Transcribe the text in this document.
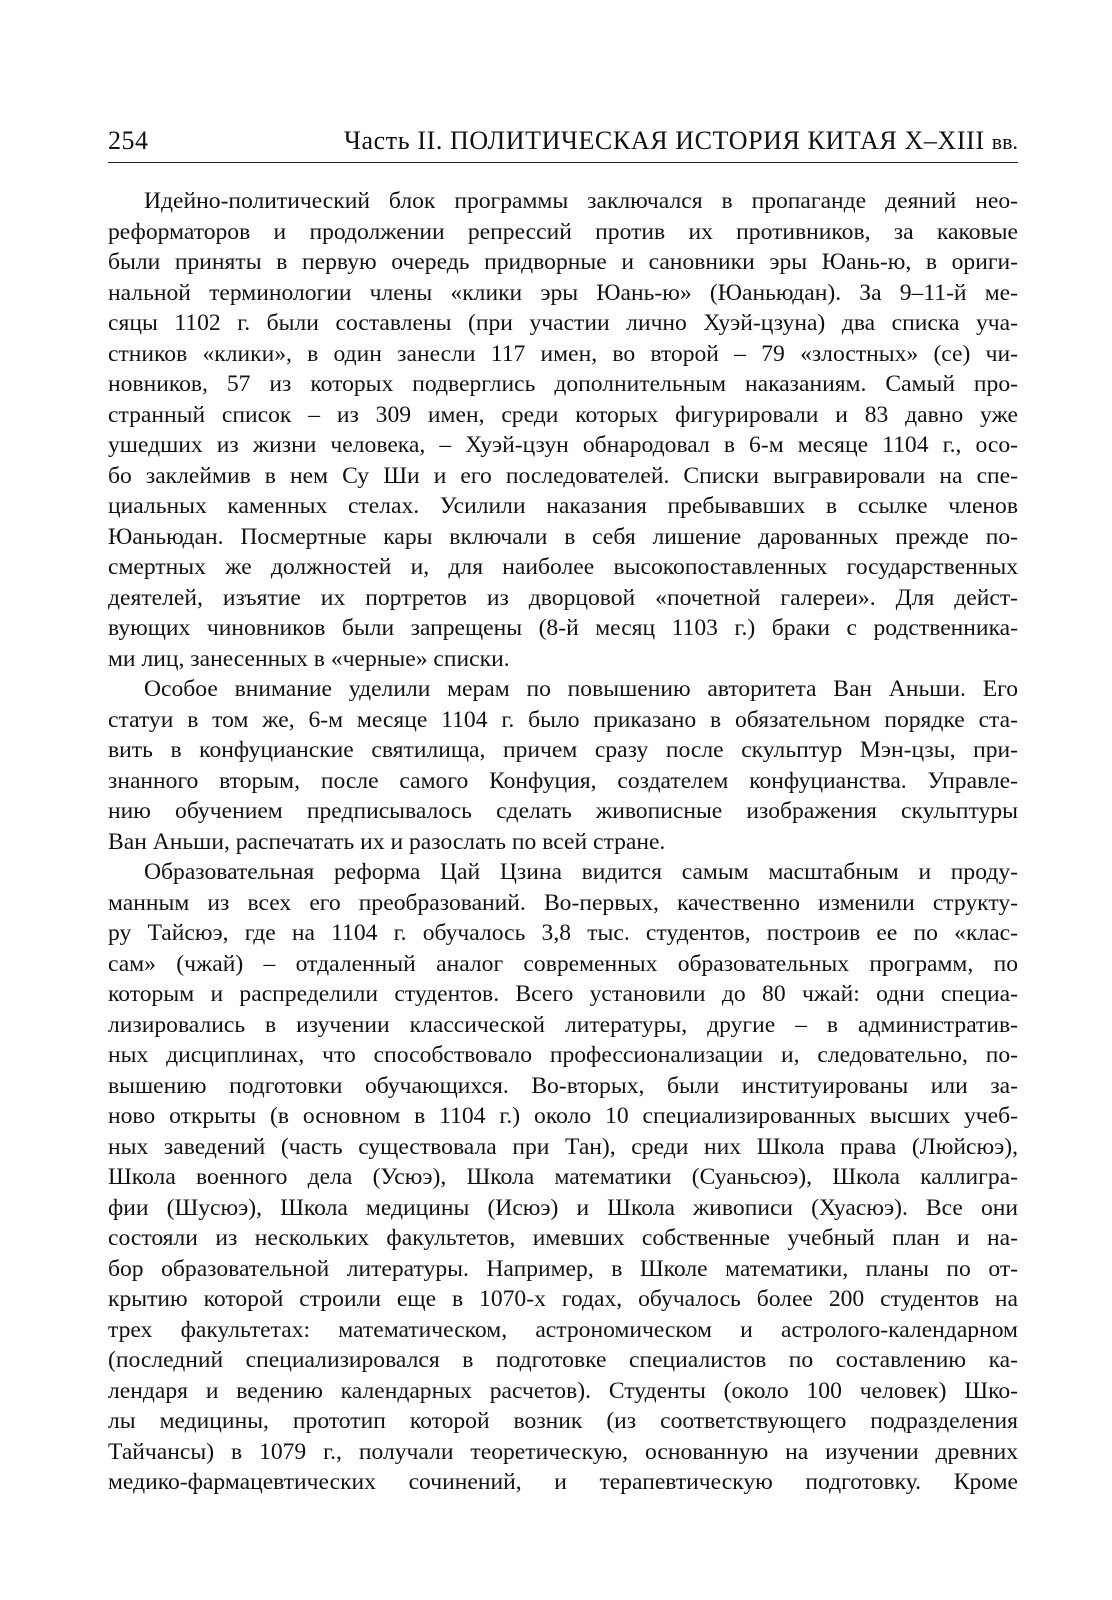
254	Часть II. ПОЛИТИЧЕСКАЯ ИСТОРИЯ КИТАЯ X–XIII вв.
Идейно-политический блок программы заключался в пропаганде деяний нео-
реформаторов и продолжении репрессий против их противников, за каковые
были приняты в первую очередь придворные и сановники эры Юань-ю, в ориги-
нальной терминологии члены «клики эры Юань-ю» (Юаньюдан). За 9–11-й ме-
сяцы 1102 г. были составлены (при участии лично Хуэй-цзуна) два списка уча-
стников «клики», в один занесли 117 имен, во второй – 79 «злостных» (се) чи-
новников, 57 из которых подверглись дополнительным наказаниям. Самый про-
странный список – из 309 имен, среди которых фигурировали и 83 давно уже
ушедших из жизни человека, – Хуэй-цзун обнародовал в 6-м месяце 1104 г., осо-
бо заклеймив в нем Су Ши и его последователей. Списки выгравировали на спе-
циальных каменных стелах. Усилили наказания пребывавших в ссылке членов
Юаньюдан. Посмертные кары включали в себя лишение дарованных прежде по-
смертных же должностей и, для наиболее высокопоставленных государственных
деятелей, изъятие их портретов из дворцовой «почетной галереи». Для дейст-
вующих чиновников были запрещены (8-й месяц 1103 г.) браки с родственника-
ми лиц, занесенных в «черные» списки.
Особое внимание уделили мерам по повышению авторитета Ван Аньши. Его
статуи в том же, 6-м месяце 1104 г. было приказано в обязательном порядке ста-
вить в конфуцианские святилища, причем сразу после скульптур Мэн-цзы, при-
знанного вторым, после самого Конфуция, создателем конфуцианства. Управле-
нию обучением предписывалось сделать живописные изображения скульптуры
Ван Аньши, распечатать их и разослать по всей стране.
Образовательная реформа Цай Цзина видится самым масштабным и проду-
манным из всех его преобразований. Во-первых, качественно изменили структу-
ру Тайсюэ, где на 1104 г. обучалось 3,8 тыс. студентов, построив ее по «клас-
сам» (чжай) – отдаленный аналог современных образовательных программ, по
которым и распределили студентов. Всего установили до 80 чжай: одни специа-
лизировались в изучении классической литературы, другие – в административ-
ных дисциплинах, что способствовало профессионализации и, следовательно, по-
вышению подготовки обучающихся. Во-вторых, были институированы или за-
ново открыты (в основном в 1104 г.) около 10 специализированных высших учеб-
ных заведений (часть существовала при Тан), среди них Школа права (Люйсюэ),
Школа военного дела (Усюэ), Школа математики (Суаньсюэ), Школа каллигра-
фии (Шусюэ), Школа медицины (Исюэ) и Школа живописи (Хуасюэ). Все они
состояли из нескольких факультетов, имевших собственные учебный план и на-
бор образовательной литературы. Например, в Школе математики, планы по от-
крытию которой строили еще в 1070-х годах, обучалось более 200 студентов на
трех факультетах: математическом, астрономическом и астролого-календарном
(последний специализировался в подготовке специалистов по составлению ка-
лендаря и ведению календарных расчетов). Студенты (около 100 человек) Шко-
лы медицины, прототип которой возник (из соответствующего подразделения
Тайчансы) в 1079 г., получали теоретическую, основанную на изучении древних
медико-фармацевтических сочинений, и терапевтическую подготовку. Кроме
